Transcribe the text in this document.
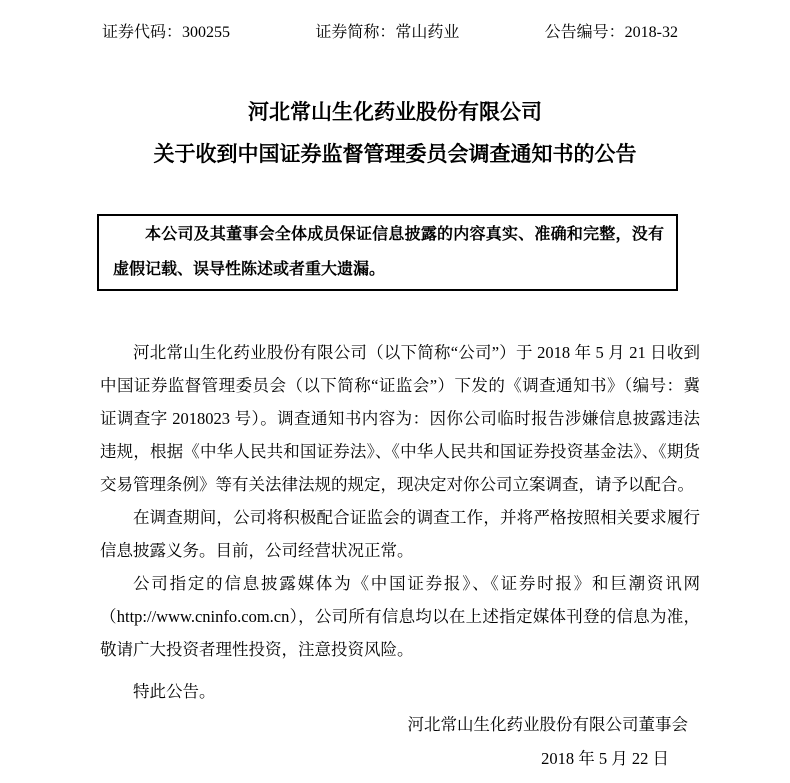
证券代码：300255	证券简称：常山药业	公告编号：2018-32
河北常山生化药业股份有限公司
关于收到中国证券监督管理委员会调查通知书的公告

本公司及其董事会全体成员保证信息披露的内容真实、准确和完整，没有虚假记载、误导性陈述或者重大遗漏。

河北常山生化药业股份有限公司（以下简称“公司”）于 2018 年 5 月 21 日收到中国证券监督管理委员会（以下简称“证监会”）下发的《调查通知书》（编号：冀证调查字 2018023 号）。调查通知书内容为：因你公司临时报告涉嫌信息披露违法违规，根据《中华人民共和国证券法》、《中华人民共和国证券投资基金法》、《期货交易管理条例》等有关法律法规的规定，现决定对你公司立案调查，请予以配合。

在调查期间，公司将积极配合证监会的调查工作，并将严格按照相关要求履行信息披露义务。目前，公司经营状况正常。

公司指定的信息披露媒体为《中国证券报》、《证券时报》和巨潮资讯网（http://www.cninfo.com.cn），公司所有信息均以在上述指定媒体刊登的信息为准，敬请广大投资者理性投资，注意投资风险。

特此公告。

河北常山生化药业股份有限公司董事会

2018 年 5 月 22 日
